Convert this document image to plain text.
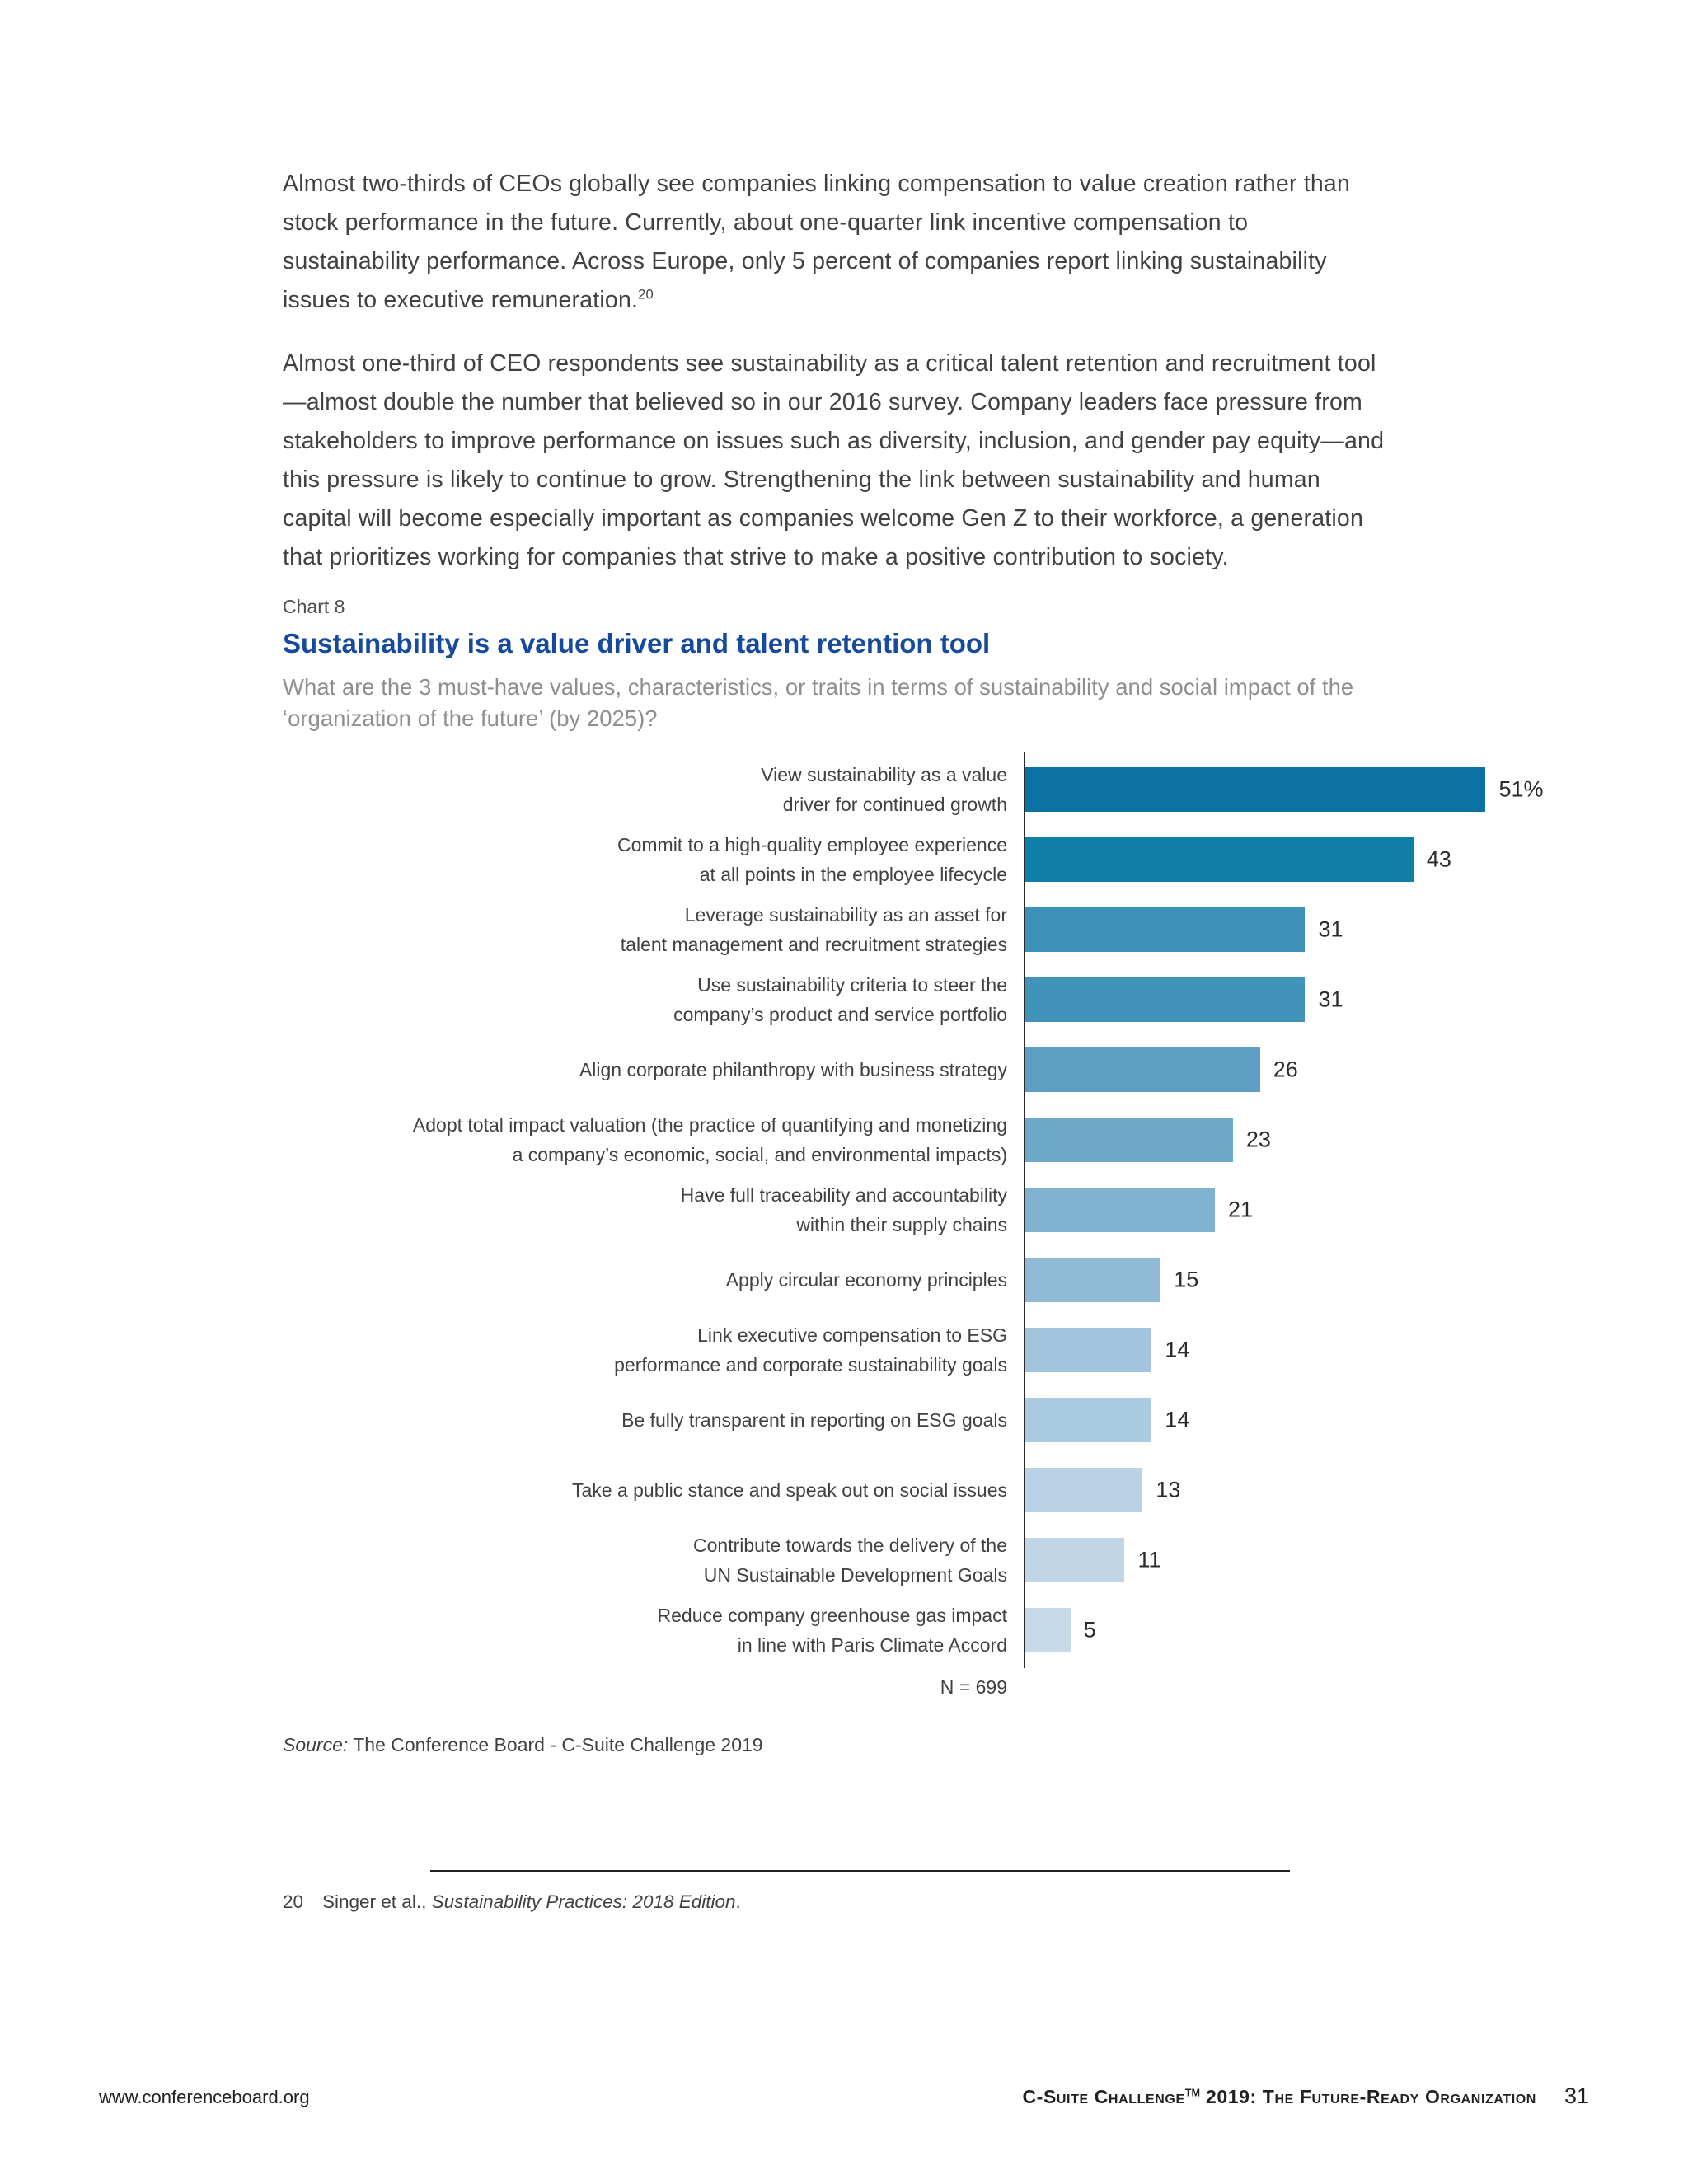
Almost two-thirds of CEOs globally see companies linking compensation to value creation rather than stock performance in the future. Currently, about one-quarter link incentive compensation to sustainability performance. Across Europe, only 5 percent of companies report linking sustainability issues to executive remuneration.$^{20}$

Almost one-third of CEO respondents see sustainability as a critical talent retention and recruitment tool—almost double the number that believed so in our 2016 survey. Company leaders face pressure from stakeholders to improve performance on issues such as diversity, inclusion, and gender pay equity—and this pressure is likely to continue to grow. Strengthening the link between sustainability and human capital will become especially important as companies welcome Gen Z to their workforce, a generation that prioritizes working for companies that strive to make a positive contribution to society.

Chart 8
Sustainability is a value driver and talent retention tool
What are the 3 must-have values, characteristics, or traits in terms of sustainability and social impact of the ‘organization of the future’ (by 2025)?
View sustainability as a value
driver for continued growth
51%
Commit to a high-quality employee experience
at all points in the employee lifecycle
43
Leverage sustainability as an asset for
talent management and recruitment strategies
31
Use sustainability criteria to steer the
company’s product and service portfolio
31
Align corporate philanthropy with business strategy	26
Adopt total impact valuation (the practice of quantifying and monetizing
a company’s economic, social, and environmental impacts)
23
Have full traceability and accountability
within their supply chains
21
Apply circular economy principles	15
Link executive compensation to ESG
performance and corporate sustainability goals
14
Be fully transparent in reporting on ESG goals	14
Take a public stance and speak out on social issues	13
Contribute towards the delivery of the
UN Sustainable Development Goals
11
Reduce company greenhouse gas impact
in line with Paris Climate Accord
5
N = 699
Source: The Conference Board - C-Suite Challenge 2019
20	Singer et al., Sustainability Practices: 2018 Edition.
www.conferenceboard.org	C-Suite Challenge™ 2019: The Future-Ready Organization 31
